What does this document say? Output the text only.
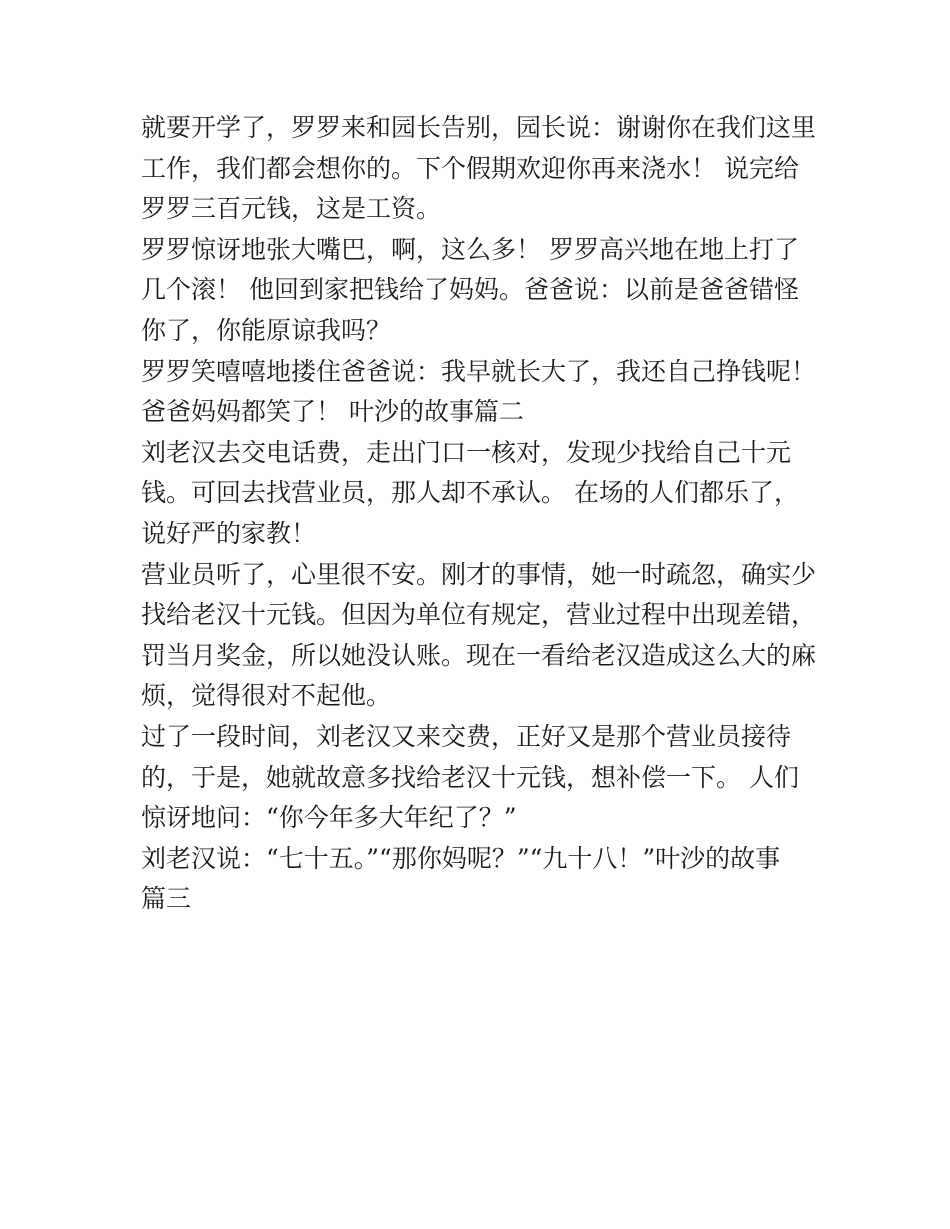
就要开学了，罗罗来和园长告别，园长说：谢谢你在我们这里
工作，我们都会想你的。下个假期欢迎你再来浇水！ 说完给
罗罗三百元钱，这是工资。
罗罗惊讶地张大嘴巴，啊，这么多！ 罗罗高兴地在地上打了
几个滚！ 他回到家把钱给了妈妈。爸爸说：以前是爸爸错怪
你了，你能原谅我吗？
罗罗笑嘻嘻地搂住爸爸说：我早就长大了，我还自己挣钱呢！
爸爸妈妈都笑了！ 叶沙的故事篇二
刘老汉去交电话费，走出门口一核对，发现少找给自己十元
钱。可回去找营业员，那人却不承认。 在场的人们都乐了，
说好严的家教！
营业员听了，心里很不安。刚才的事情，她一时疏忽，确实少
找给老汉十元钱。但因为单位有规定，营业过程中出现差错，
罚当月奖金，所以她没认账。现在一看给老汉造成这么大的麻
烦，觉得很对不起他。
过了一段时间，刘老汉又来交费，正好又是那个营业员接待
的，于是，她就故意多找给老汉十元钱，想补偿一下。 人们
惊讶地问：“你今年多大年纪了？”
刘老汉说：“七十五。”“那你妈呢？”“九十八！”叶沙的故事
篇三
